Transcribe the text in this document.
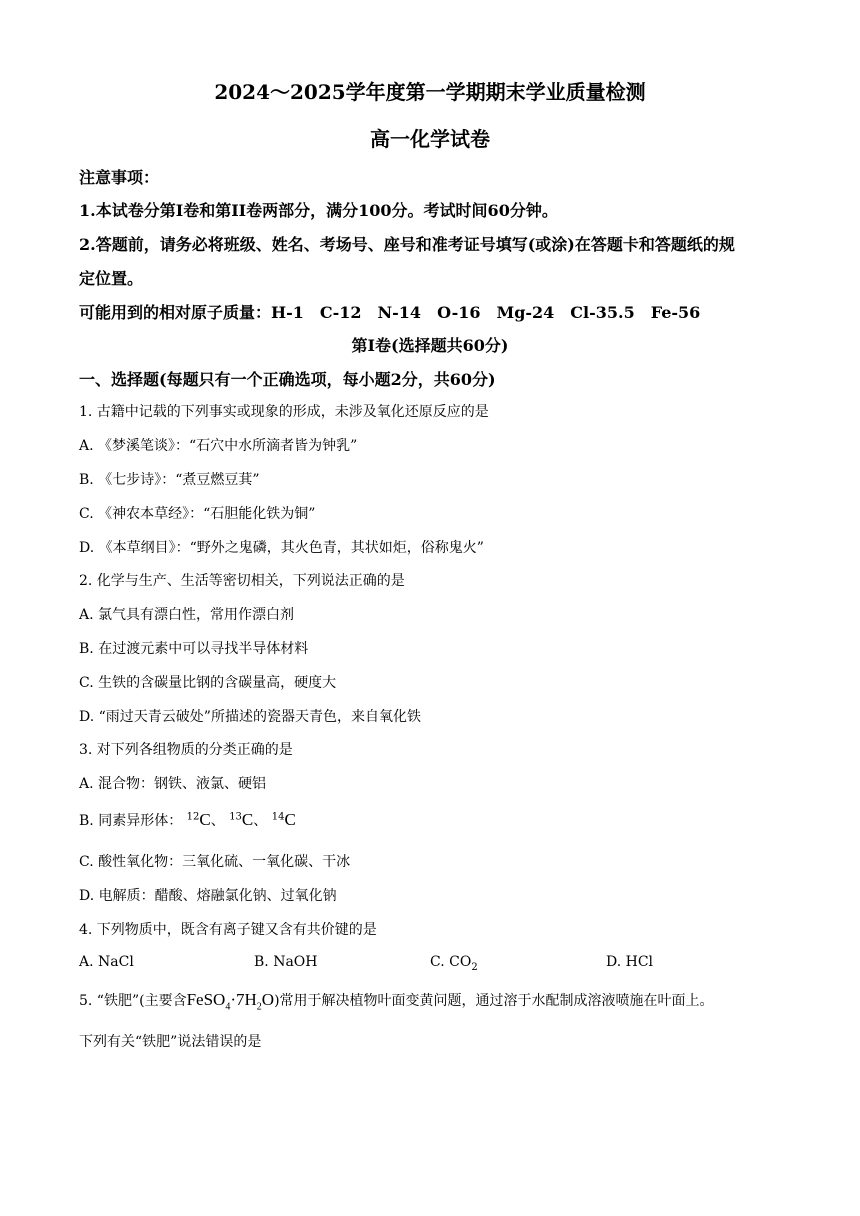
2024～2025学年度第一学期期末学业质量检测
高一化学试卷
注意事项：
1.本试卷分第I卷和第II卷两部分，满分100分。考试时间60分钟。
2.答题前，请务必将班级、姓名、考场号、座号和准考证号填写(或涂)在答题卡和答题纸的规
定位置。
可能用到的相对原子质量：H-1　C-12　N-14　O-16　Mg-24　Cl-35.5　Fe-56
第I卷(选择题共60分)
一、选择题(每题只有一个正确选项，每小题2分，共60分)
1. 古籍中记载的下列事实或现象的形成，未涉及氧化还原反应的是
A. 《梦溪笔谈》：“石穴中水所滴者皆为钟乳”
B. 《七步诗》：“煮豆燃豆萁”
C. 《神农本草经》：“石胆能化铁为铜”
D. 《本草纲目》：“野外之鬼磷，其火色青，其状如炬，俗称鬼火”
2. 化学与生产、生活等密切相关，下列说法正确的是
A. 氯气具有漂白性，常用作漂白剂
B. 在过渡元素中可以寻找半导体材料
C. 生铁的含碳量比钢的含碳量高，硬度大
D. “雨过天青云破处”所描述的瓷器天青色，来自氧化铁
3. 对下列各组物质的分类正确的是
A. 混合物：钢铁、液氯、硬铝
B. 同素异形体： $^{12}$C、 $^{13}$C、 $^{14}$C
C. 酸性氧化物：三氧化硫、一氧化碳、干冰
D. 电解质：醋酸、熔融氯化钠、过氧化钠
4. 下列物质中，既含有离子键又含有共价键的是
A. NaCl	B. NaOH	C. $CO_2$	D. HCl
5. “铁肥”(主要含$FeSO_4\cdot 7H_2O$)常用于解决植物叶面变黄问题，通过溶于水配制成溶液喷施在叶面上。
下列有关“铁肥”说法错误的是
